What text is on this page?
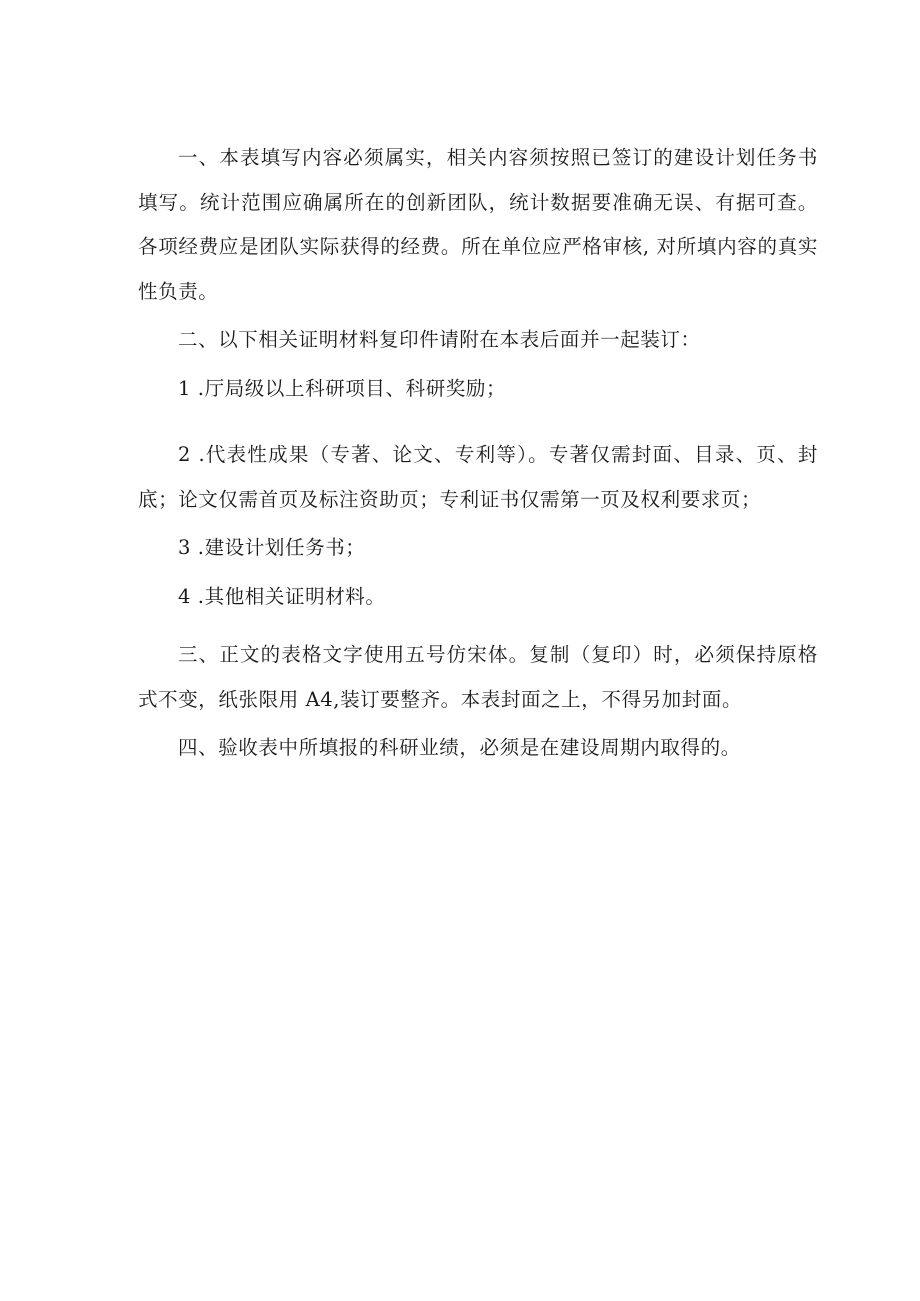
一、本表填写内容必须属实，相关内容须按照已签订的建设计划任务书填写。统计范围应确属所在的创新团队，统计数据要准确无误、有据可查。各项经费应是团队实际获得的经费。所在单位应严格审核, 对所填内容的真实性负责。

二、以下相关证明材料复印件请附在本表后面并一起装订：

1 .厅局级以上科研项目、科研奖励；

2 .代表性成果（专著、论文、专利等）。专著仅需封面、目录、页、封底；论文仅需首页及标注资助页；专利证书仅需第一页及权利要求页；

3 .建设计划任务书；

4 .其他相关证明材料。

三、正文的表格文字使用五号仿宋体。复制（复印）时，必须保持原格式不变，纸张限用 A4,装订要整齐。本表封面之上，不得另加封面。

四、验收表中所填报的科研业绩，必须是在建设周期内取得的。
